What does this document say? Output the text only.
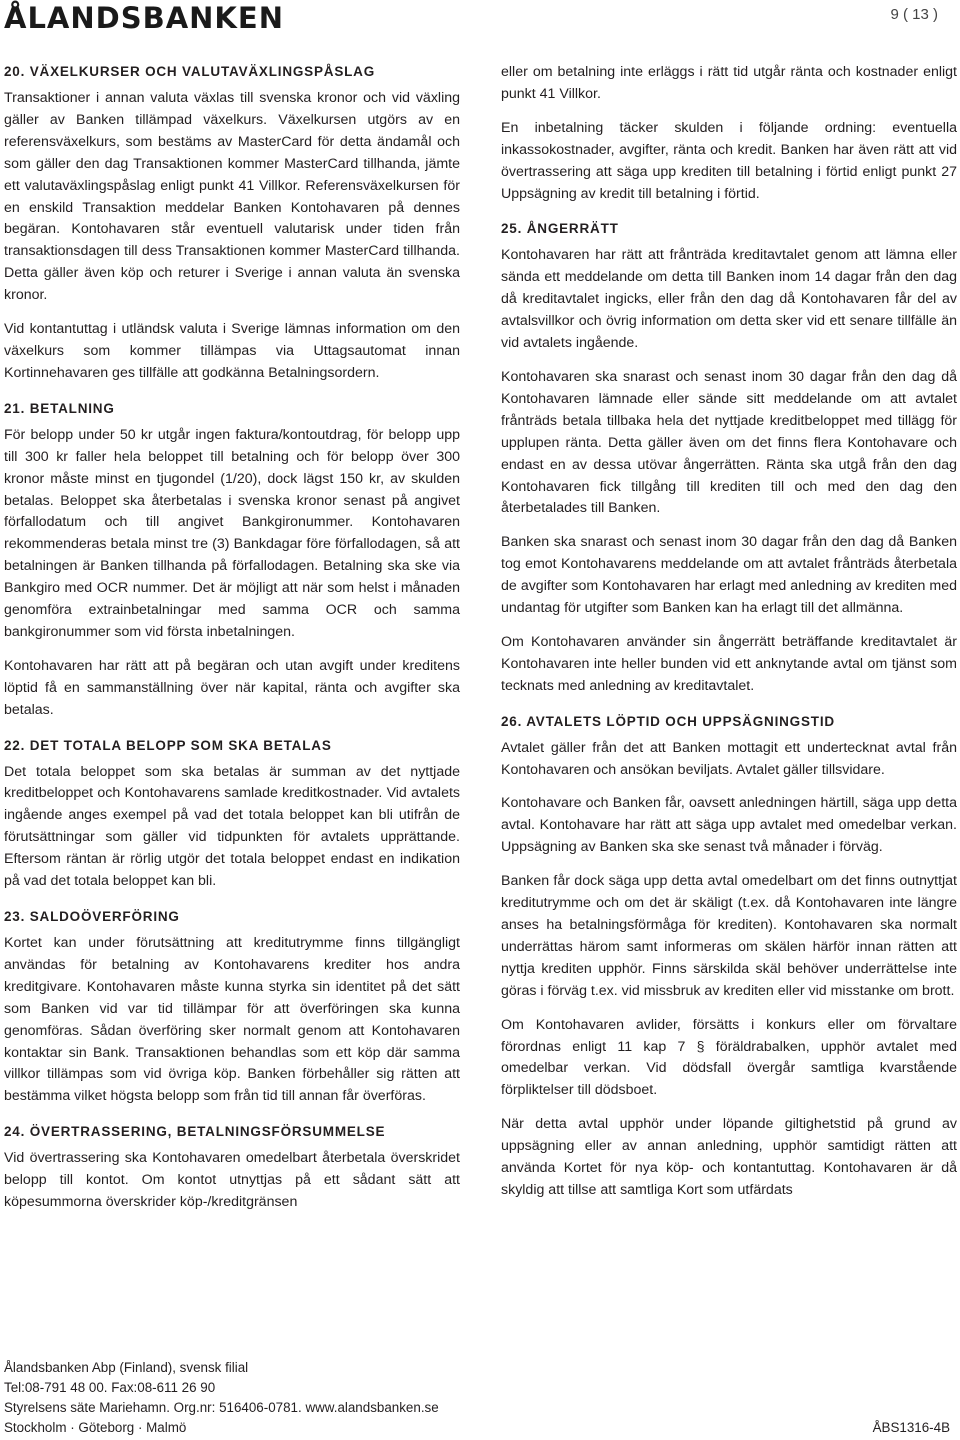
ÅLANDSBANKEN	9 ( 13 )
20. VÄXELKURSER OCH VALUTAVÄXLINGSPÅSLAG

Transaktioner i annan valuta växlas till svenska kronor och vid växling gäller av Banken tillämpad växelkurs. Växelkursen utgörs av en referensväxelkurs, som bestäms av MasterCard för detta ändamål och som gäller den dag Transaktionen kommer MasterCard tillhanda, jämte ett valutaväxlingspåslag enligt punkt 41 Villkor. Referensväxelkursen för en enskild Transaktion meddelar Banken Kontohavaren på dennes begäran. Kontohavaren står eventuell valutarisk under tiden från transaktionsdagen till dess Transaktionen kommer MasterCard tillhanda. Detta gäller även köp och returer i Sverige i annan valuta än svenska kronor.

Vid kontantuttag i utländsk valuta i Sverige lämnas information om den växelkurs som kommer tillämpas via Uttagsautomat innan Kortinnehavaren ges tillfälle att godkänna Betalningsordern.

21. BETALNING

För belopp under 50 kr utgår ingen faktura/kontoutdrag, för belopp upp till 300 kr faller hela beloppet till betalning och för belopp över 300 kronor måste minst en tjugondel (1/20), dock lägst 150 kr, av skulden betalas. Beloppet ska återbetalas i svenska kronor senast på angivet förfallodatum och till angivet Bankgironummer. Kontohavaren rekommenderas betala minst tre (3) Bankdagar före förfallodagen, så att betalningen är Banken tillhanda på förfallodagen. Betalning ska ske via Bankgiro med OCR nummer. Det är möjligt att när som helst i månaden genomföra extrainbetalningar med samma OCR och samma bankgironummer som vid första inbetalningen.

Kontohavaren har rätt att på begäran och utan avgift under kreditens löptid få en sammanställning över när kapital, ränta och avgifter ska betalas.

22. DET TOTALA BELOPP SOM SKA BETALAS

Det totala beloppet som ska betalas är summan av det nyttjade kreditbeloppet och Kontohavarens samlade kreditkostnader. Vid avtalets ingående anges exempel på vad det totala beloppet kan bli utifrån de förutsättningar som gäller vid tidpunkten för avtalets upprättande. Eftersom räntan är rörlig utgör det totala beloppet endast en indikation på vad det totala beloppet kan bli.

23. SALDOÖVERFÖRING

Kortet kan under förutsättning att kreditutrymme finns tillgängligt användas för betalning av Kontohavarens krediter hos andra kreditgivare. Kontohavaren måste kunna styrka sin identitet på det sätt som Banken vid var tid tillämpar för att överföringen ska kunna genomföras. Sådan överföring sker normalt genom att Kontohavaren kontaktar sin Bank. Transaktionen behandlas som ett köp där samma villkor tillämpas som vid övriga köp. Banken förbehåller sig rätten att bestämma vilket högsta belopp som från tid till annan får överföras.

24. ÖVERTRASSERING, BETALNINGSFÖRSUMMELSE

Vid övertrassering ska Kontohavaren omedelbart återbetala överskridet belopp till kontot. Om kontot utnyttjas på ett sådant sätt att köpesummorna överskrider köp-/kreditgränsen

eller om betalning inte erläggs i rätt tid utgår ränta och kostnader enligt punkt 41 Villkor.

En inbetalning täcker skulden i följande ordning: eventuella inkassokostnader, avgifter, ränta och kredit. Banken har även rätt att vid övertrassering att säga upp krediten till betalning i förtid enligt punkt 27 Uppsägning av kredit till betalning i förtid.

25. ÅNGERRÄTT

Kontohavaren har rätt att frånträda kreditavtalet genom att lämna eller sända ett meddelande om detta till Banken inom 14 dagar från den dag då kreditavtalet ingicks, eller från den dag då Kontohavaren får del av avtalsvillkor och övrig information om detta sker vid ett senare tillfälle än vid avtalets ingående.

Kontohavaren ska snarast och senast inom 30 dagar från den dag då Kontohavaren lämnade eller sände sitt meddelande om att avtalet frånträds betala tillbaka hela det nyttjade kreditbeloppet med tillägg för upplupen ränta. Detta gäller även om det finns flera Kontohavare och endast en av dessa utövar ångerrätten. Ränta ska utgå från den dag Kontohavaren fick tillgång till krediten till och med den dag den återbetalades till Banken.

Banken ska snarast och senast inom 30 dagar från den dag då Banken tog emot Kontohavarens meddelande om att avtalet frånträds återbetala de avgifter som Kontohavaren har erlagt med anledning av krediten med undantag för utgifter som Banken kan ha erlagt till det allmänna.

Om Kontohavaren använder sin ångerrätt beträffande kreditavtalet är Kontohavaren inte heller bunden vid ett anknytande avtal om tjänst som tecknats med anledning av kreditavtalet.

26. AVTALETS LÖPTID OCH UPPSÄGNINGSTID

Avtalet gäller från det att Banken mottagit ett undertecknat avtal från Kontohavaren och ansökan beviljats. Avtalet gäller tillsvidare.

Kontohavare och Banken får, oavsett anledningen härtill, säga upp detta avtal. Kontohavare har rätt att säga upp avtalet med omedelbar verkan. Uppsägning av Banken ska ske senast två månader i förväg.

Banken får dock säga upp detta avtal omedelbart om det finns outnyttjat kreditutrymme och om det är skäligt (t.ex. då Kontohavaren inte längre anses ha betalningsförmåga för krediten). Kontohavaren ska normalt underrättas härom samt informeras om skälen härför innan rätten att nyttja krediten upphör. Finns särskilda skäl behöver underrättelse inte göras i förväg t.ex. vid missbruk av krediten eller vid misstanke om brott.

Om Kontohavaren avlider, försätts i konkurs eller om förvaltare förordnas enligt 11 kap 7 § föräldrabalken, upphör avtalet med omedelbar verkan. Vid dödsfall övergår samtliga kvarstående förpliktelser till dödsboet.

När detta avtal upphör under löpande giltighetstid på grund av uppsägning eller av annan anledning, upphör samtidigt rätten att använda Kortet för nya köp- och kontantuttag. Kontohavaren är då skyldig att tillse att samtliga Kort som utfärdats

Ålandsbanken Abp (Finland), svensk filial
Tel:08-791 48 00. Fax:08-611 26 90
Styrelsens säte Mariehamn. Org.nr: 516406-0781. www.alandsbanken.se
Stockholm · Göteborg · Malmö	ÅBS1316-4B
